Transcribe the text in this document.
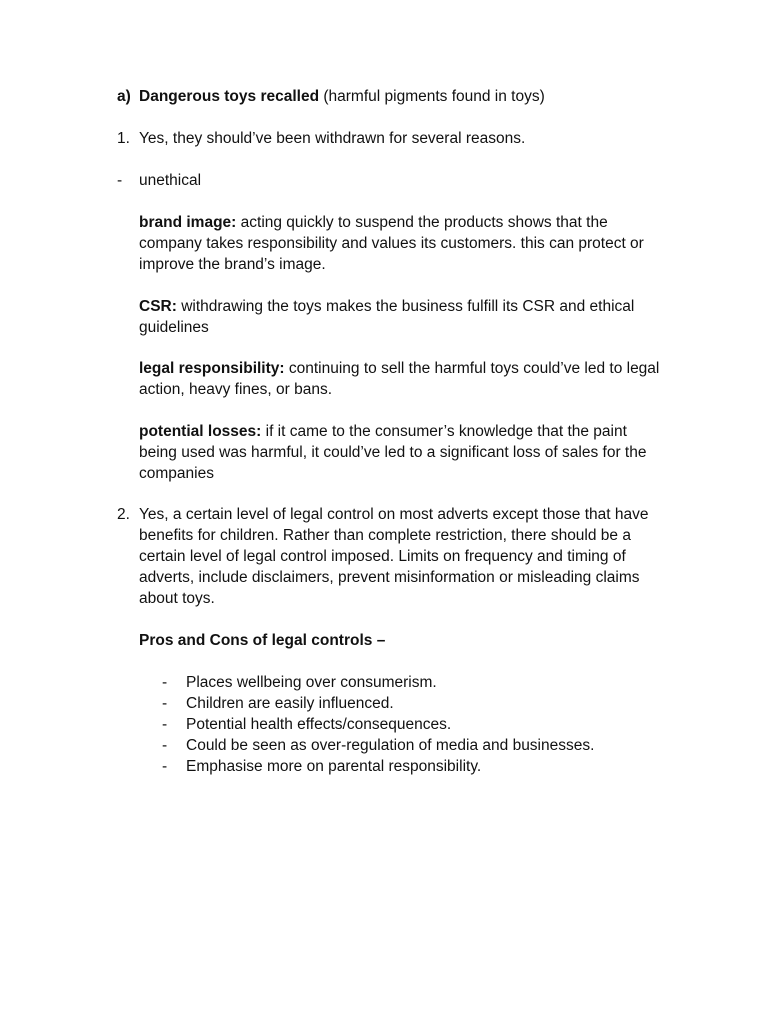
a) Dangerous toys recalled (harmful pigments found in toys)
1. Yes, they should’ve been withdrawn for several reasons.
-	unethical
brand image: acting quickly to suspend the products shows that the company takes responsibility and values its customers. this can protect or improve the brand’s image.
CSR: withdrawing the toys makes the business fulfill its CSR and ethical guidelines
legal responsibility: continuing to sell the harmful toys could’ve led to legal action, heavy fines, or bans.
potential losses: if it came to the consumer’s knowledge that the paint being used was harmful, it could’ve led to a significant loss of sales for the companies
2. Yes, a certain level of legal control on most adverts except those that have benefits for children. Rather than complete restriction, there should be a certain level of legal control imposed. Limits on frequency and timing of adverts, include disclaimers, prevent misinformation or misleading claims about toys.
Pros and Cons of legal controls –
-	Places wellbeing over consumerism.
-	Children are easily influenced.
-	Potential health effects/consequences.
-	Could be seen as over-regulation of media and businesses.
-	Emphasise more on parental responsibility.
